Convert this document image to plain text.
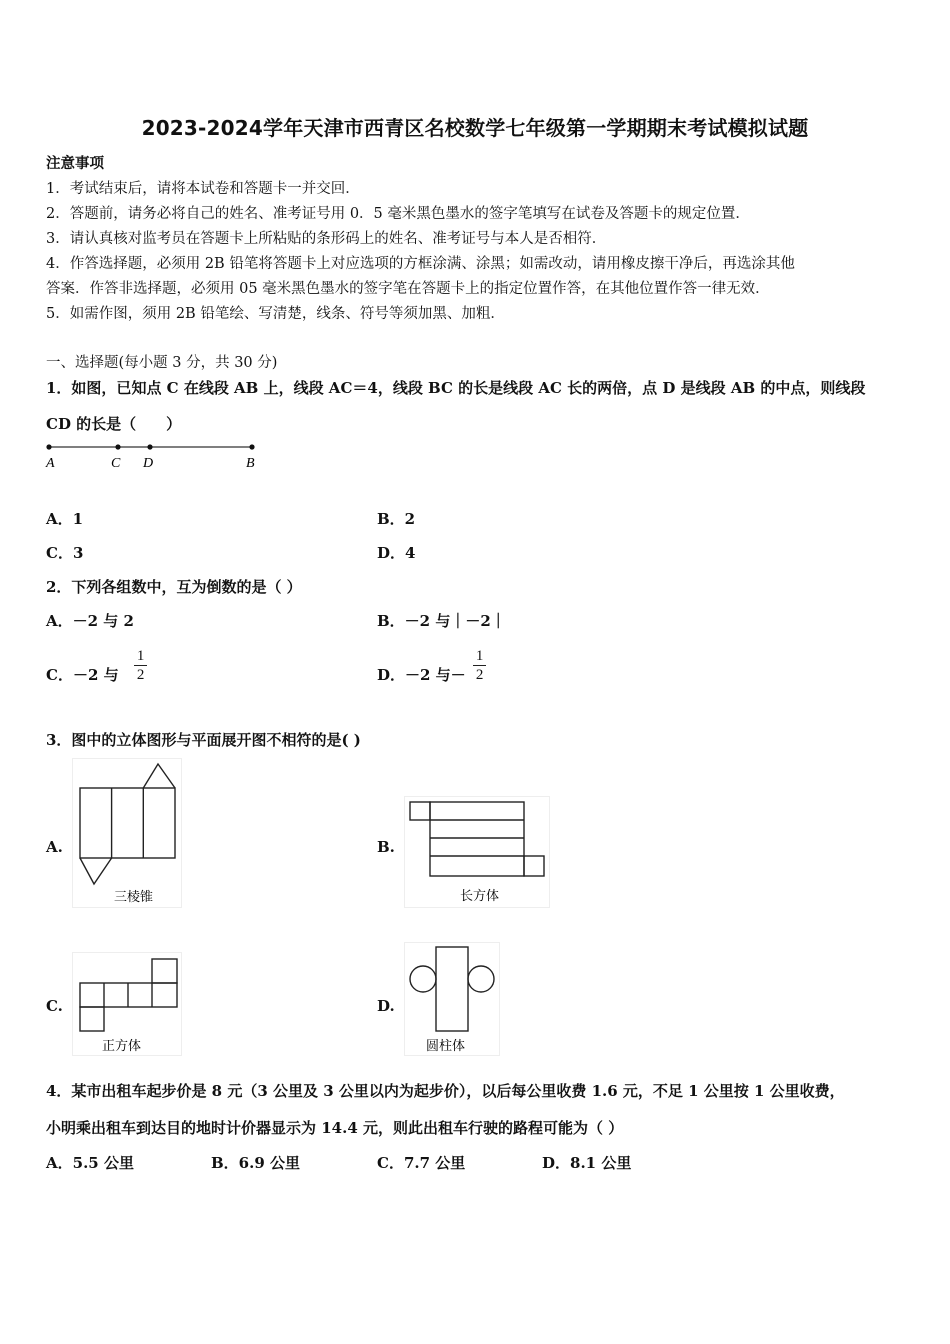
2023-2024学年天津市西青区名校数学七年级第一学期期末考试模拟试题
注意事项
1．考试结束后，请将本试卷和答题卡一并交回．
2．答题前，请务必将自己的姓名、准考证号用 0．5 毫米黑色墨水的签字笔填写在试卷及答题卡的规定位置．
3．请认真核对监考员在答题卡上所粘贴的条形码上的姓名、准考证号与本人是否相符．
4．作答选择题，必须用 2B 铅笔将答题卡上对应选项的方框涂满、涂黑；如需改动，请用橡皮擦干净后，再选涂其他
答案．作答非选择题，必须用 05 毫米黑色墨水的签字笔在答题卡上的指定位置作答，在其他位置作答一律无效．
5．如需作图，须用 2B 铅笔绘、写清楚，线条、符号等须加黑、加粗．
一、选择题(每小题 3 分，共 30 分)
1．如图，已知点 C 在线段 AB 上，线段 AC＝4，线段 BC 的长是线段 AC 长的两倍，点 D 是线段 AB 的中点，则线段
CD 的长是（　　）
A	C D	B
A．1	B．2
C．3	D．4
2．下列各组数中，互为倒数的是（ ）
A．－2 与 2	B．－2 与｜－2｜
C．－2 与 $\frac{1}{2}$	D．－2 与－ $\frac{1}{2}$
3．图中的立体图形与平面展开图不相符的是( )
A.
三棱锥
B.
长方体
C.
正方体
D.
圆柱体
4．某市出租车起步价是 8 元（3 公里及 3 公里以内为起步价），以后每公里收费 1.6 元，不足 1 公里按 1 公里收费，
小明乘出租车到达目的地时计价器显示为 14.4 元，则此出租车行驶的路程可能为（ ）
A．5.5 公里	B．6.9 公里	C．7.7 公里	D．8.1 公里
